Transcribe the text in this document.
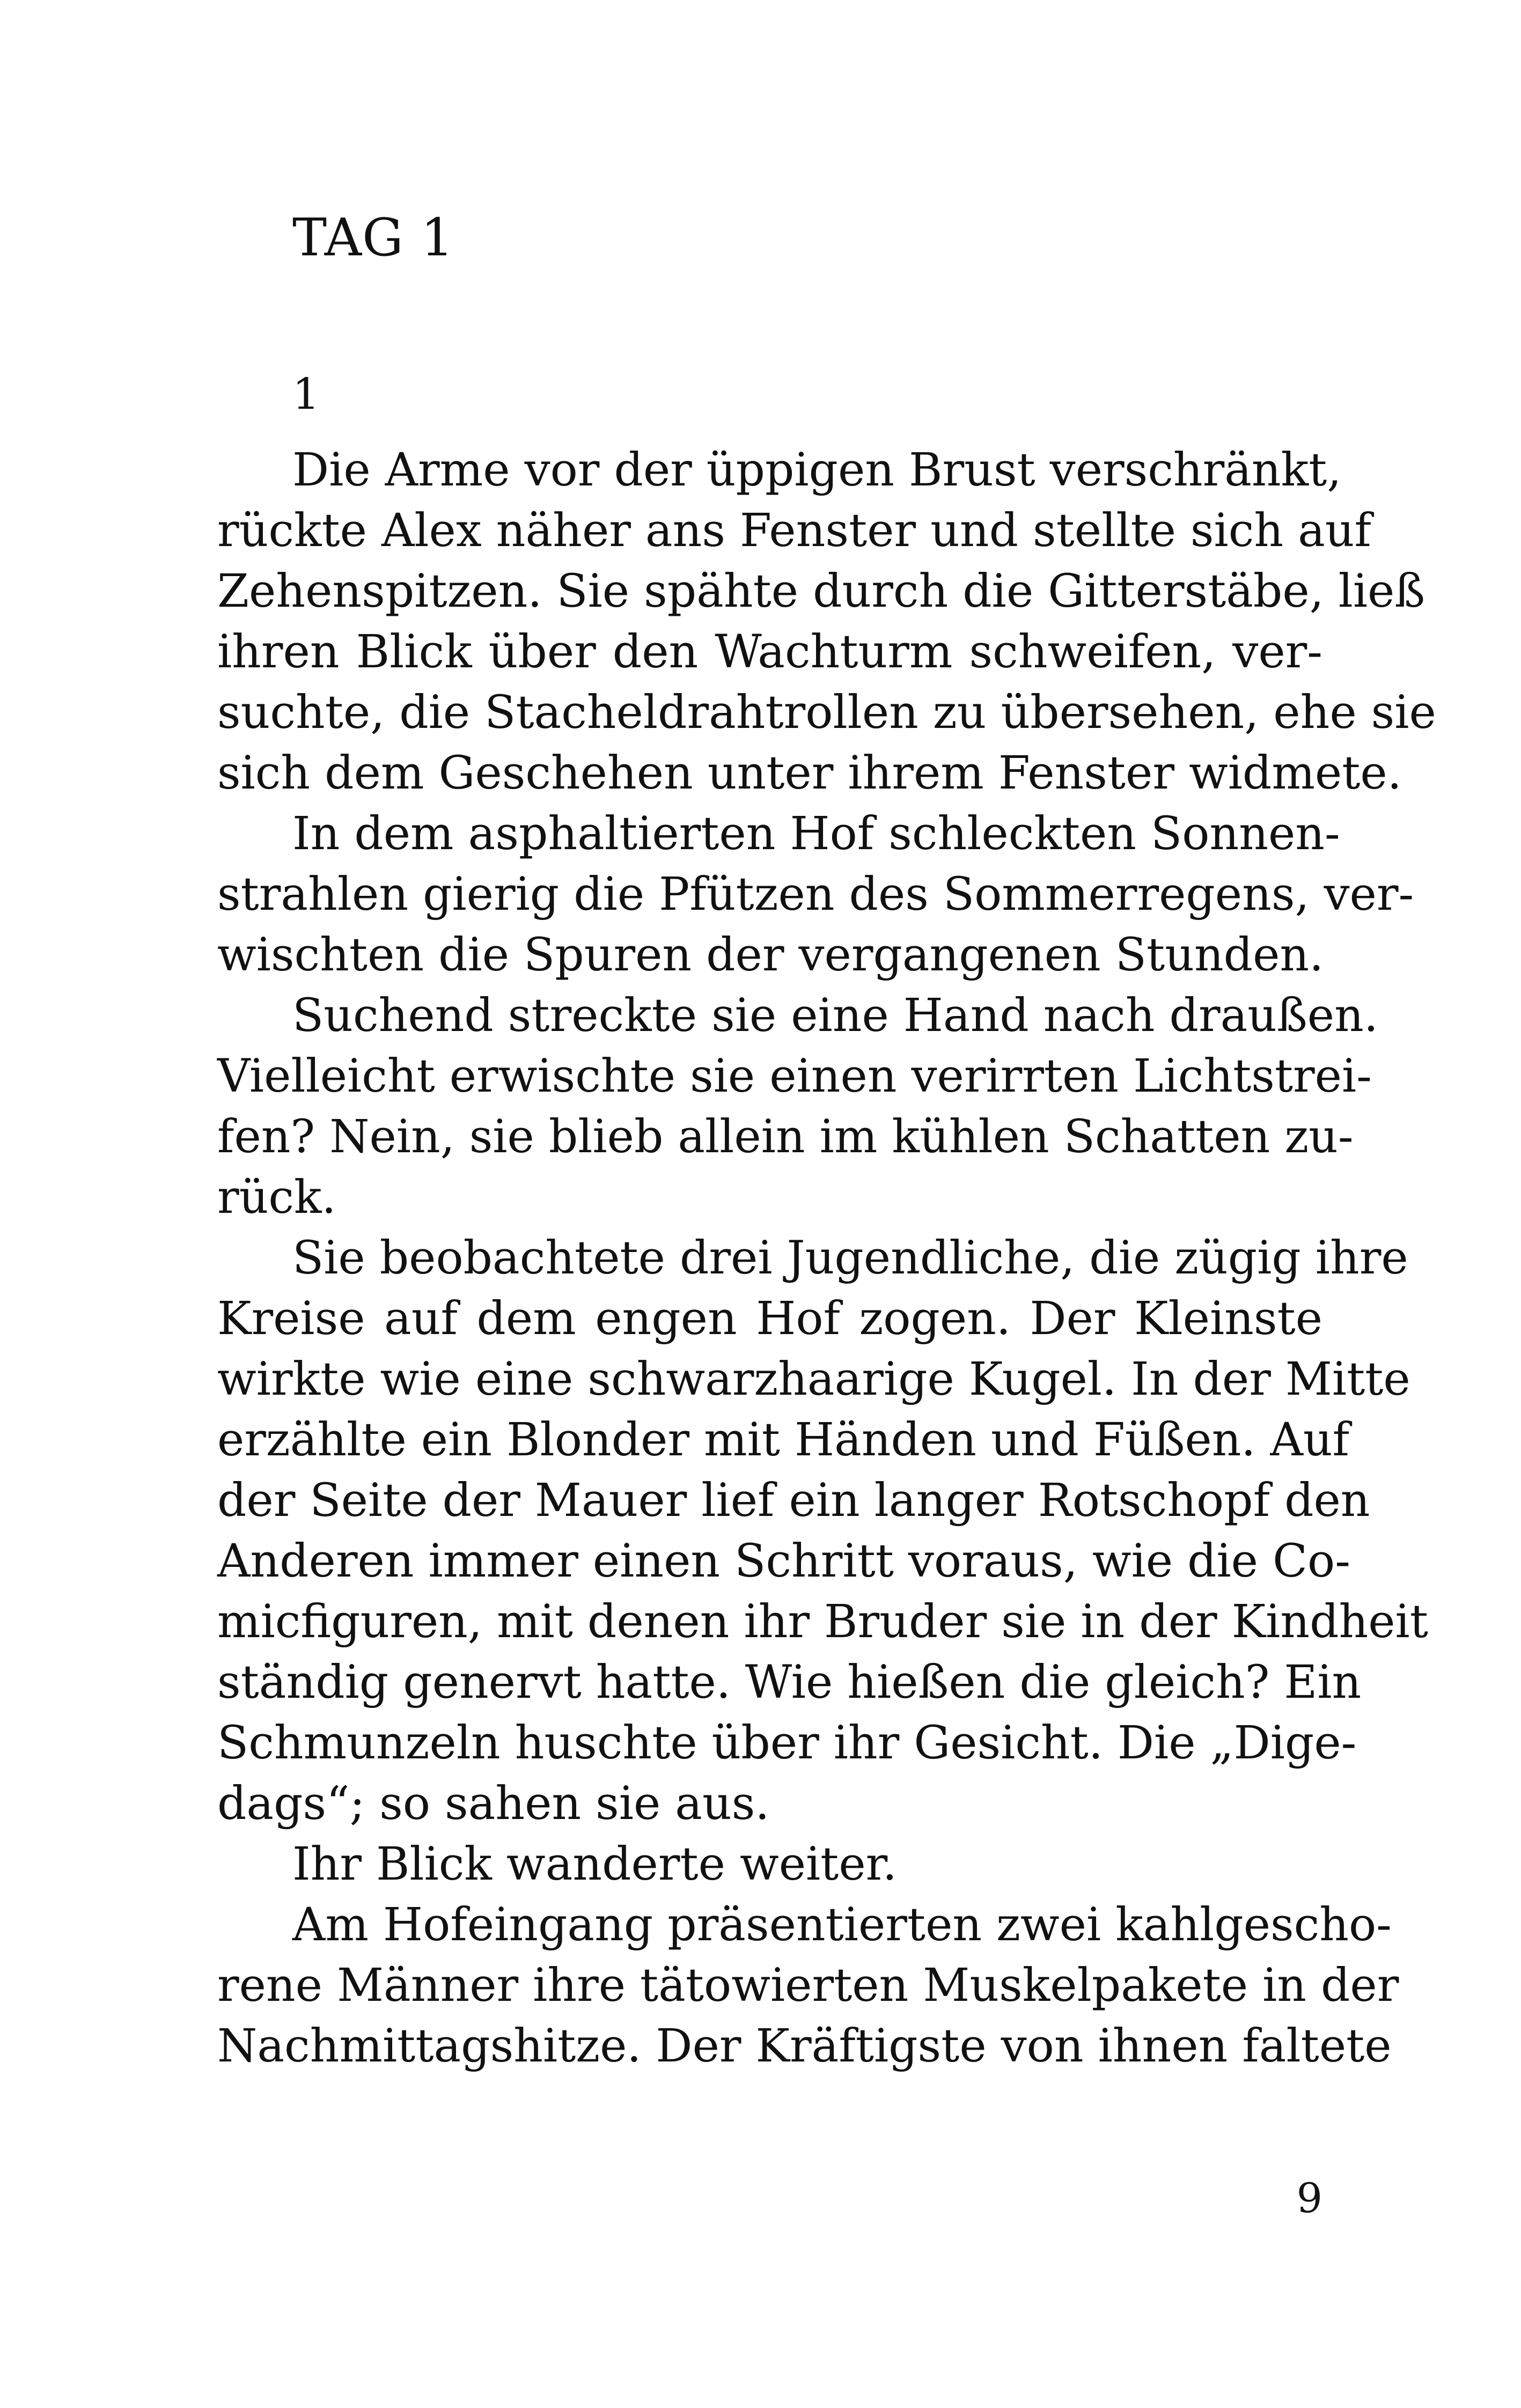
TAG 1
1
Die Arme vor der üppigen Brust verschränkt,
rückte Alex näher ans Fenster und stellte sich auf
Zehenspitzen. Sie spähte durch die Gitterstäbe, ließ
ihren Blick über den Wachturm schweifen, ver-
suchte, die Stacheldrahtrollen zu übersehen, ehe sie
sich dem Geschehen unter ihrem Fenster widmete.
In dem asphaltierten Hof schleckten Sonnen-
strahlen gierig die Pfützen des Sommerregens, ver-
wischten die Spuren der vergangenen Stunden.
Suchend streckte sie eine Hand nach draußen.
Vielleicht erwischte sie einen verirrten Lichtstrei-
fen? Nein, sie blieb allein im kühlen Schatten zu-
rück.
Sie beobachtete drei Jugendliche, die zügig ihre
Kreise auf dem engen Hof zogen. Der Kleinste
wirkte wie eine schwarzhaarige Kugel. In der Mitte
erzählte ein Blonder mit Händen und Füßen. Auf
der Seite der Mauer lief ein langer Rotschopf den
Anderen immer einen Schritt voraus, wie die Co-
micfiguren, mit denen ihr Bruder sie in der Kindheit
ständig genervt hatte. Wie hießen die gleich? Ein
Schmunzeln huschte über ihr Gesicht. Die „Dige-
dags“; so sahen sie aus.
Ihr Blick wanderte weiter.
Am Hofeingang präsentierten zwei kahlgescho-
rene Männer ihre tätowierten Muskelpakete in der
Nachmittagshitze. Der Kräftigste von ihnen faltete
9
